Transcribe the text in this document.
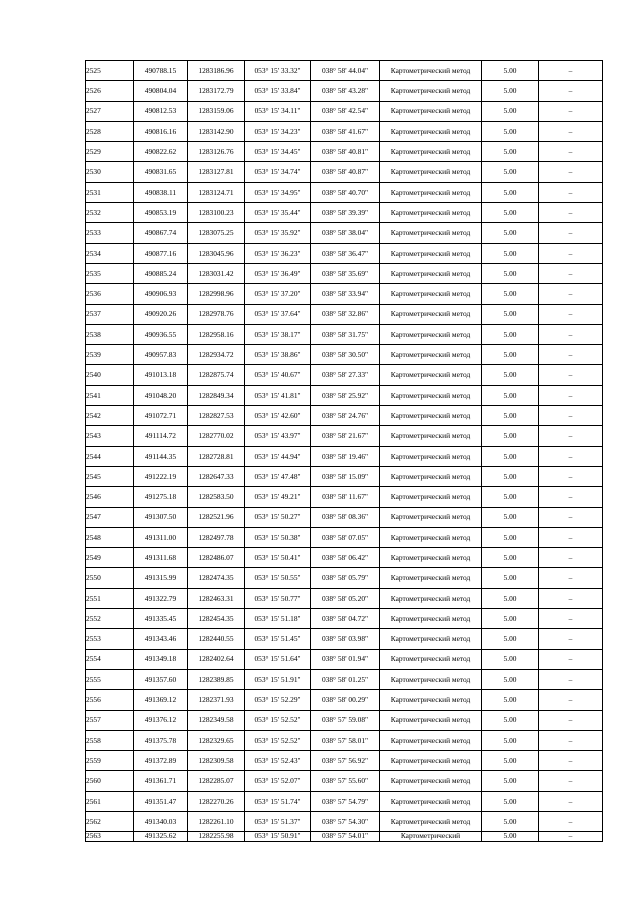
2525	490788.15	1283186.96	053° 15' 33.32"	038° 58' 44.04"	Картометрический метод	5.00	–
2526	490804.04	1283172.79	053° 15' 33.84"	038° 58' 43.28"	Картометрический метод	5.00	–
2527	490812.53	1283159.06	053° 15' 34.11"	038° 58' 42.54"	Картометрический метод	5.00	–
2528	490816.16	1283142.90	053° 15' 34.23"	038° 58' 41.67"	Картометрический метод	5.00	–
2529	490822.62	1283126.76	053° 15' 34.45"	038° 58' 40.81"	Картометрический метод	5.00	–
2530	490831.65	1283127.81	053° 15' 34.74"	038° 58' 40.87"	Картометрический метод	5.00	–
2531	490838.11	1283124.71	053° 15' 34.95"	038° 58' 40.70"	Картометрический метод	5.00	–
2532	490853.19	1283100.23	053° 15' 35.44"	038° 58' 39.39"	Картометрический метод	5.00	–
2533	490867.74	1283075.25	053° 15' 35.92"	038° 58' 38.04"	Картометрический метод	5.00	–
2534	490877.16	1283045.96	053° 15' 36.23"	038° 58' 36.47"	Картометрический метод	5.00	–
2535	490885.24	1283031.42	053° 15' 36.49"	038° 58' 35.69"	Картометрический метод	5.00	–
2536	490906.93	1282998.96	053° 15' 37.20"	038° 58' 33.94"	Картометрический метод	5.00	–
2537	490920.26	1282978.76	053° 15' 37.64"	038° 58' 32.86"	Картометрический метод	5.00	–
2538	490936.55	1282958.16	053° 15' 38.17"	038° 58' 31.75"	Картометрический метод	5.00	–
2539	490957.83	1282934.72	053° 15' 38.86"	038° 58' 30.50"	Картометрический метод	5.00	–
2540	491013.18	1282875.74	053° 15' 40.67"	038° 58' 27.33"	Картометрический метод	5.00	–
2541	491048.20	1282849.34	053° 15' 41.81"	038° 58' 25.92"	Картометрический метод	5.00	–
2542	491072.71	1282827.53	053° 15' 42.60"	038° 58' 24.76"	Картометрический метод	5.00	–
2543	491114.72	1282770.02	053° 15' 43.97"	038° 58' 21.67"	Картометрический метод	5.00	–
2544	491144.35	1282728.81	053° 15' 44.94"	038° 58' 19.46"	Картометрический метод	5.00	–
2545	491222.19	1282647.33	053° 15' 47.48"	038° 58' 15.09"	Картометрический метод	5.00	–
2546	491275.18	1282583.50	053° 15' 49.21"	038° 58' 11.67"	Картометрический метод	5.00	–
2547	491307.50	1282521.96	053° 15' 50.27"	038° 58' 08.36"	Картометрический метод	5.00	–
2548	491311.00	1282497.78	053° 15' 50.38"	038° 58' 07.05"	Картометрический метод	5.00	–
2549	491311.68	1282486.07	053° 15' 50.41"	038° 58' 06.42"	Картометрический метод	5.00	–
2550	491315.99	1282474.35	053° 15' 50.55"	038° 58' 05.79"	Картометрический метод	5.00	–
2551	491322.79	1282463.31	053° 15' 50.77"	038° 58' 05.20"	Картометрический метод	5.00	–
2552	491335.45	1282454.35	053° 15' 51.18"	038° 58' 04.72"	Картометрический метод	5.00	–
2553	491343.46	1282440.55	053° 15' 51.45"	038° 58' 03.98"	Картометрический метод	5.00	–
2554	491349.18	1282402.64	053° 15' 51.64"	038° 58' 01.94"	Картометрический метод	5.00	–
2555	491357.60	1282389.85	053° 15' 51.91"	038° 58' 01.25"	Картометрический метод	5.00	–
2556	491369.12	1282371.93	053° 15' 52.29"	038° 58' 00.29"	Картометрический метод	5.00	–
2557	491376.12	1282349.58	053° 15' 52.52"	038° 57' 59.08"	Картометрический метод	5.00	–
2558	491375.78	1282329.65	053° 15' 52.52"	038° 57' 58.01"	Картометрический метод	5.00	–
2559	491372.89	1282309.58	053° 15' 52.43"	038° 57' 56.92"	Картометрический метод	5.00	–
2560	491361.71	1282285.07	053° 15' 52.07"	038° 57' 55.60"	Картометрический метод	5.00	–
2561	491351.47	1282270.26	053° 15' 51.74"	038° 57' 54.79"	Картометрический метод	5.00	–
2562	491340.03	1282261.10	053° 15' 51.37"	038° 57' 54.30"	Картометрический метод	5.00	–
2563	491325.62	1282255.98	053° 15' 50.91"	038° 57' 54.01"	Картометрический	5.00	–
